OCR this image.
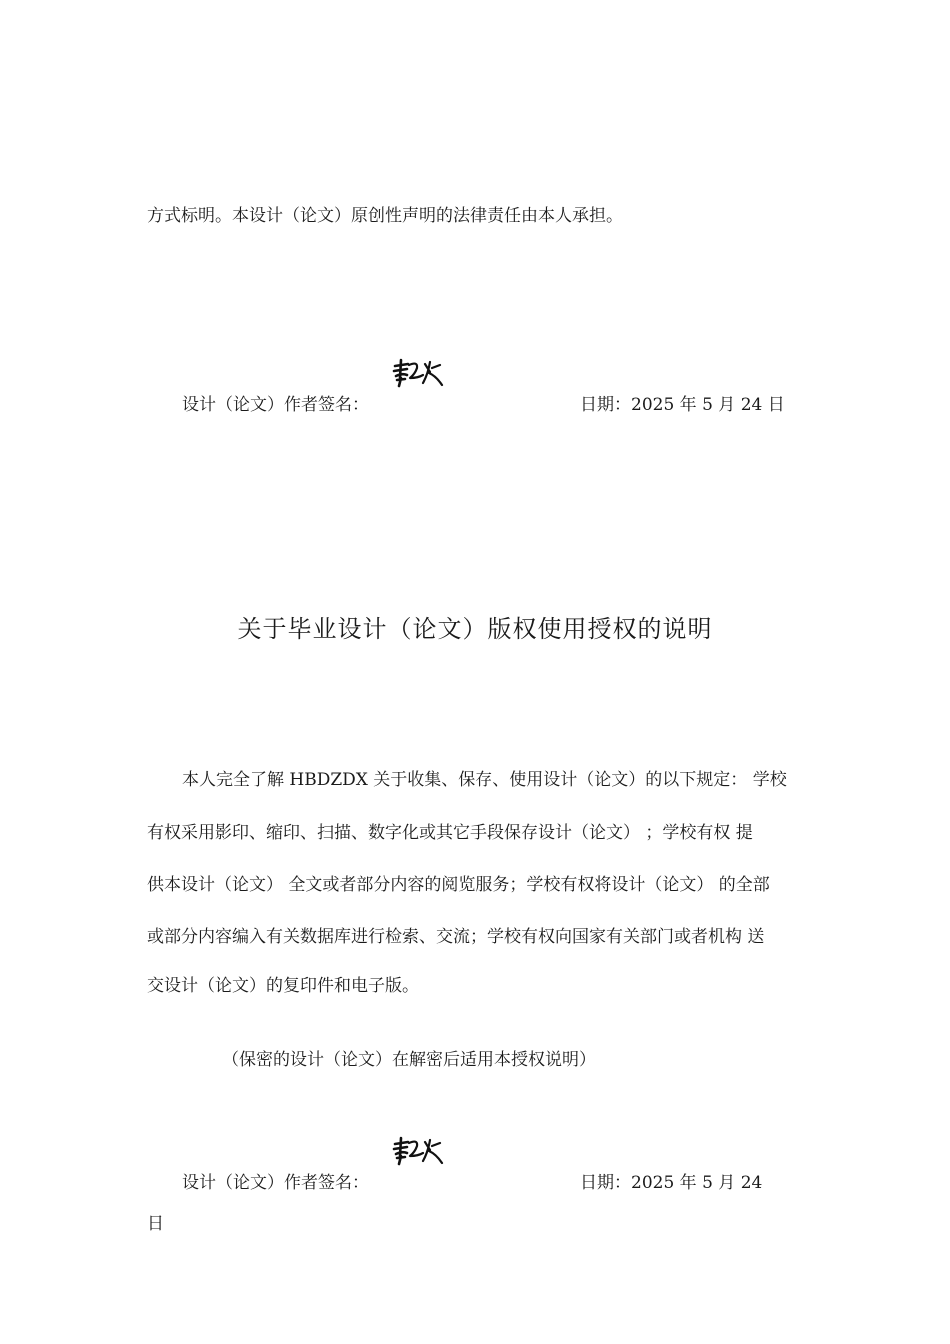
方式标明。本设计（论文）原创性声明的法律责任由本人承担。
设计（论文）作者签名：	日期：2025 年 5 月 24 日
关于毕业设计（论文）版权使用授权的说明
本人完全了解 HBDZDX 关于收集、保存、使用设计（论文）的以下规定： 学校
有权采用影印、缩印、扫描、数字化或其它手段保存设计（论文） ；学校有权 提
供本设计（论文） 全文或者部分内容的阅览服务；学校有权将设计（论文） 的全部
或部分内容编入有关数据库进行检索、交流；学校有权向国家有关部门或者机构 送
交设计（论文）的复印件和电子版。
（保密的设计（论文）在解密后适用本授权说明）
设计（论文）作者签名：	日期：2025 年 5 月 24
日
